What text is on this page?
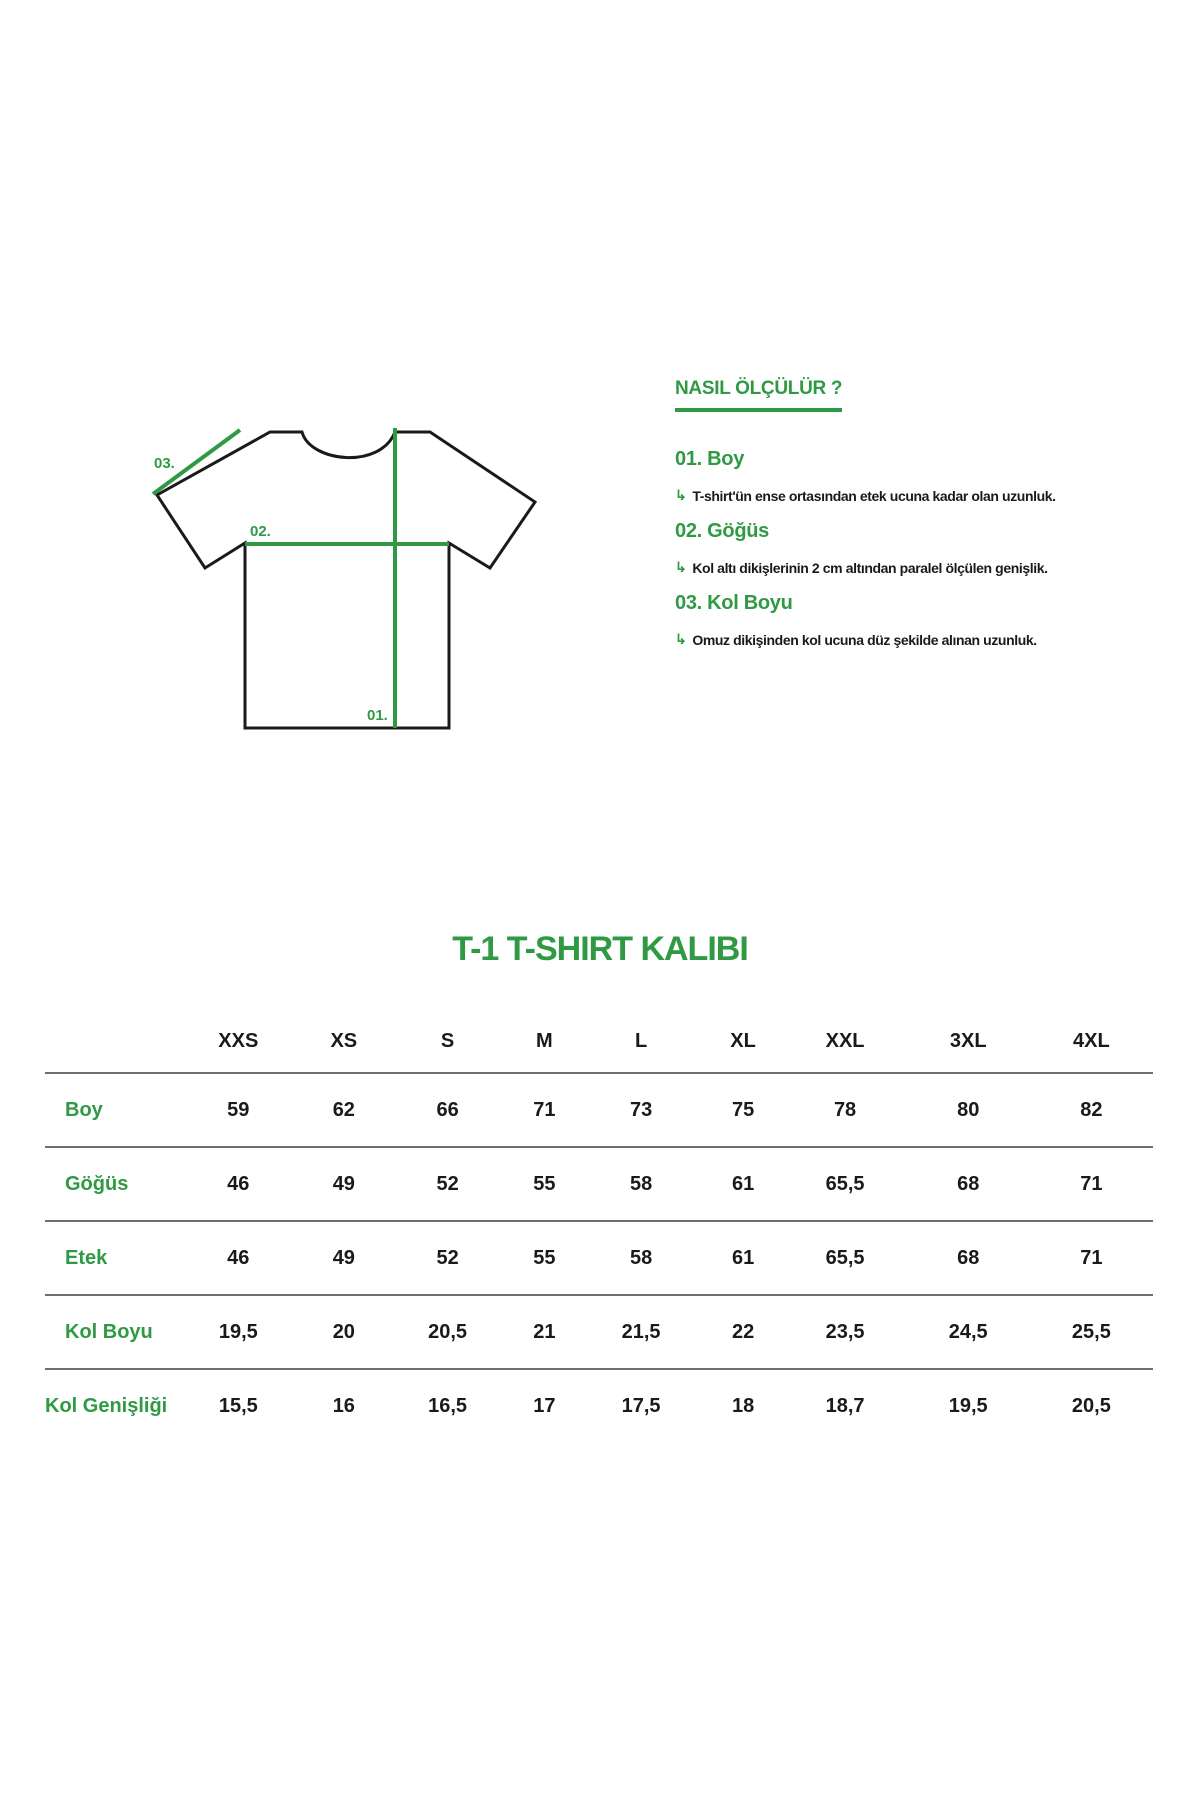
01.
02.
03.
NASIL ÖLÇÜLÜR ?
01. Boy
↳ T-shirt'ün ense ortasından etek ucuna kadar olan uzunluk.
02. Göğüs
↳ Kol altı dikişlerinin 2 cm altından paralel ölçülen genişlik.
03. Kol Boyu
↳ Omuz dikişinden kol ucuna düz şekilde alınan uzunluk.
T-1 T-SHIRT KALIBI
	XXS	XS	S	M	L	XL	XXL	3XL	4XL
Boy	59	62	66	71	73	75	78	80	82
Göğüs	46	49	52	55	58	61	65,5	68	71
Etek	46	49	52	55	58	61	65,5	68	71
Kol Boyu	19,5	20	20,5	21	21,5	22	23,5	24,5	25,5
Kol Genişliği	15,5	16	16,5	17	17,5	18	18,7	19,5	20,5
